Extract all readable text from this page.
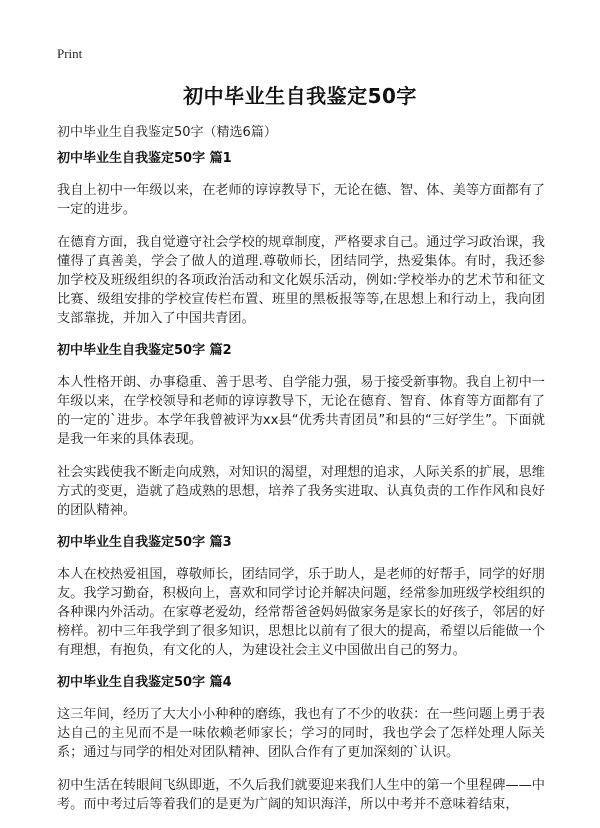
Print
初中毕业生自我鉴定50字

初中毕业生自我鉴定50字（精选6篇）

初中毕业生自我鉴定50字 篇1

我自上初中一年级以来，在老师的谆谆教导下，无论在德、智、体、美等方面都有了一定的进步。

在德育方面，我自觉遵守社会学校的规章制度，严格要求自己。通过学习政治课，我懂得了真善美，学会了做人的道理.尊敬师长，团结同学，热爱集体。有时，我还参加学校及班级组织的各项政治活动和文化娱乐活动，例如:学校举办的艺术节和征文比赛、级组安排的学校宣传栏布置、班里的黑板报等等,在思想上和行动上，我向团支部靠拢，并加入了中国共青团。

初中毕业生自我鉴定50字 篇2

本人性格开朗、办事稳重、善于思考、自学能力强，易于接受新事物。我自上初中一年级以来，在学校领导和老师的谆谆教导下，无论在德育、智育、体育等方面都有了的一定的`进步。本学年我曾被评为xx县“优秀共青团员”和县的“三好学生”。下面就是我一年来的具体表现。

社会实践使我不断走向成熟，对知识的渴望，对理想的追求，人际关系的扩展，思维方式的变更，造就了趋成熟的思想，培养了我务实进取、认真负责的工作作风和良好的团队精神。

初中毕业生自我鉴定50字 篇3

本人在校热爱祖国，尊敬师长，团结同学，乐于助人，是老师的好帮手，同学的好朋友。我学习勤奋，积极向上，喜欢和同学讨论并解决问题，经常参加班级学校组织的各种课内外活动。在家尊老爱幼，经常帮爸爸妈妈做家务是家长的好孩子，邻居的好榜样。初中三年我学到了很多知识，思想比以前有了很大的提高，希望以后能做一个有理想，有抱负，有文化的人，为建设社会主义中国做出自己的努力。

初中毕业生自我鉴定50字 篇4

这三年间，经历了大大小小种种的磨练，我也有了不少的收获：在一些问题上勇于表达自己的主见而不是一味依赖老师家长；学习的同时，我也学会了怎样处理人际关系；通过与同学的相处对团队精神、团队合作有了更加深刻的`认识。

初中生活在转眼间飞纵即逝，不久后我们就要迎来我们人生中的第一个里程碑——中考。而中考过后等着我们的是更为广阔的知识海洋，所以中考并不意味着结束，
